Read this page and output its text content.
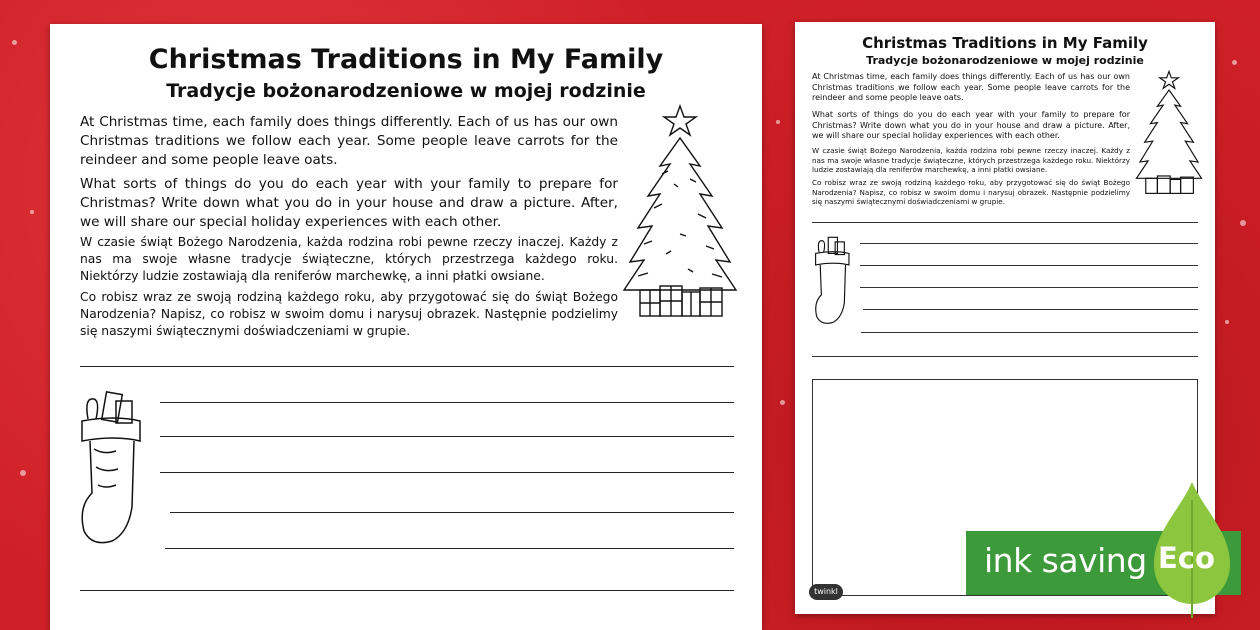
Christmas Traditions in My Family
Tradycje bożonarodzeniowe w mojej rodzinie

At Christmas time, each family does things differently. Each of us has our own Christmas traditions we follow each year. Some people leave carrots for the reindeer and some people leave oats.

What sorts of things do you do each year with your family to prepare for Christmas? Write down what you do in your house and draw a picture. After, we will share our special holiday experiences with each other.

W czasie świąt Bożego Narodzenia, każda rodzina robi pewne rzeczy inaczej. Każdy z nas ma swoje własne tradycje świąteczne, których przestrzega każdego roku. Niektórzy ludzie zostawiają dla reniferów marchewkę, a inni płatki owsiane.

Co robisz wraz ze swoją rodziną każdego roku, aby przygotować się do świąt Bożego Narodzenia? Napisz, co robisz w swoim domu i narysuj obrazek. Następnie podzielimy się naszymi świątecznymi doświadczeniami w grupie.

Christmas Traditions in My Family
Tradycje bożonarodzeniowe w mojej rodzinie

At Christmas time, each family does things differently. Each of us has our own Christmas traditions we follow each year. Some people leave carrots for the reindeer and some people leave oats.

What sorts of things do you do each year with your family to prepare for Christmas? Write down what you do in your house and draw a picture. After, we will share our special holiday experiences with each other.

W czasie świąt Bożego Narodzenia, każda rodzina robi pewne rzeczy inaczej. Każdy z nas ma swoje własne tradycje świąteczne, których przestrzega każdego roku. Niektórzy ludzie zostawiają dla reniferów marchewkę, a inni płatki owsiane.

Co robisz wraz ze swoją rodziną każdego roku, aby przygotować się do świąt Bożego Narodzenia? Napisz, co robisz w swoim domu i narysuj obrazek. Następnie podzielimy się naszymi świątecznymi doświadczeniami w grupie.

twinkl
ink saving Eco
